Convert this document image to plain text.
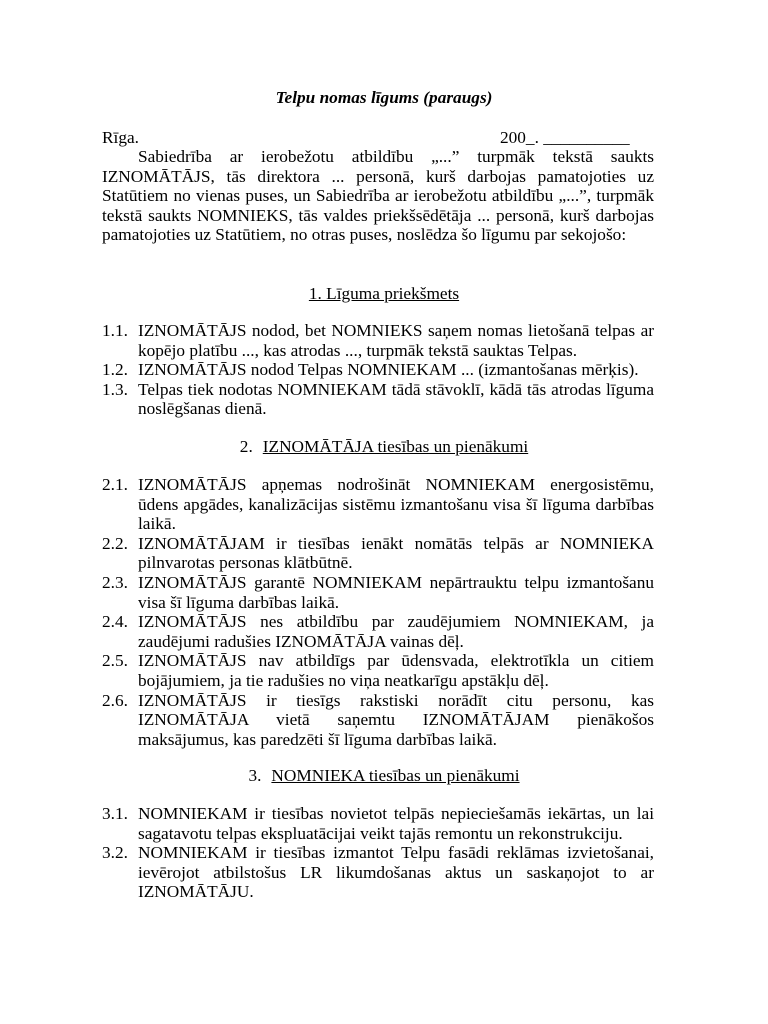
Telpu nomas līgums (paraugs)
Rīga.	200_. __________
Sabiedrība ar ierobežotu atbildību „...” turpmāk tekstā saukts IZNOMĀTĀJS, tās direktora ... personā, kurš darbojas pamatojoties uz Statūtiem no vienas puses, un Sabiedrība ar ierobežotu atbildību „...”, turpmāk tekstā saukts NOMNIEKS, tās valdes priekšsēdētāja ... personā, kurš darbojas pamatojoties uz Statūtiem, no otras puses, noslēdza šo līgumu par sekojošo:
1. Līguma priekšmets
1.1. IZNOMĀTĀJS nodod, bet NOMNIEKS saņem nomas lietošanā telpas ar kopējo platību ..., kas atrodas ..., turpmāk tekstā sauktas Telpas.
1.2. IZNOMĀTĀJS nodod Telpas NOMNIEKAM ... (izmantošanas mērķis).
1.3. Telpas tiek nodotas NOMNIEKAM tādā stāvoklī, kādā tās atrodas līguma noslēgšanas dienā.
2. IZNOMĀTĀJA tiesības un pienākumi
2.1. IZNOMĀTĀJS apņemas nodrošināt NOMNIEKAM energosistēmu, ūdens apgādes, kanalizācijas sistēmu izmantošanu visa šī līguma darbības laikā.
2.2. IZNOMĀTĀJAM ir tiesības ienākt nomātās telpās ar NOMNIEKA pilnvarotas personas klātbūtnē.
2.3. IZNOMĀTĀJS garantē NOMNIEKAM nepārtrauktu telpu izmantošanu visa šī līguma darbības laikā.
2.4. IZNOMĀTĀJS nes atbildību par zaudējumiem NOMNIEKAM, ja zaudējumi radušies IZNOMĀTĀJA vainas dēļ.
2.5. IZNOMĀTĀJS nav atbildīgs par ūdensvada, elektrotīkla un citiem bojājumiem, ja tie radušies no viņa neatkarīgu apstākļu dēļ.
2.6. IZNOMĀTĀJS ir tiesīgs rakstiski norādīt citu personu, kas IZNOMĀTĀJA vietā saņemtu IZNOMĀTĀJAM pienākošos maksājumus, kas paredzēti šī līguma darbības laikā.
3. NOMNIEKA tiesības un pienākumi
3.1. NOMNIEKAM ir tiesības novietot telpās nepieciešamās iekārtas, un lai sagatavotu telpas ekspluatācijai veikt tajās remontu un rekonstrukciju.
3.2. NOMNIEKAM ir tiesības izmantot Telpu fasādi reklāmas izvietošanai, ievērojot atbilstošus LR likumdošanas aktus un saskaņojot to ar IZNOMĀTĀJU.
